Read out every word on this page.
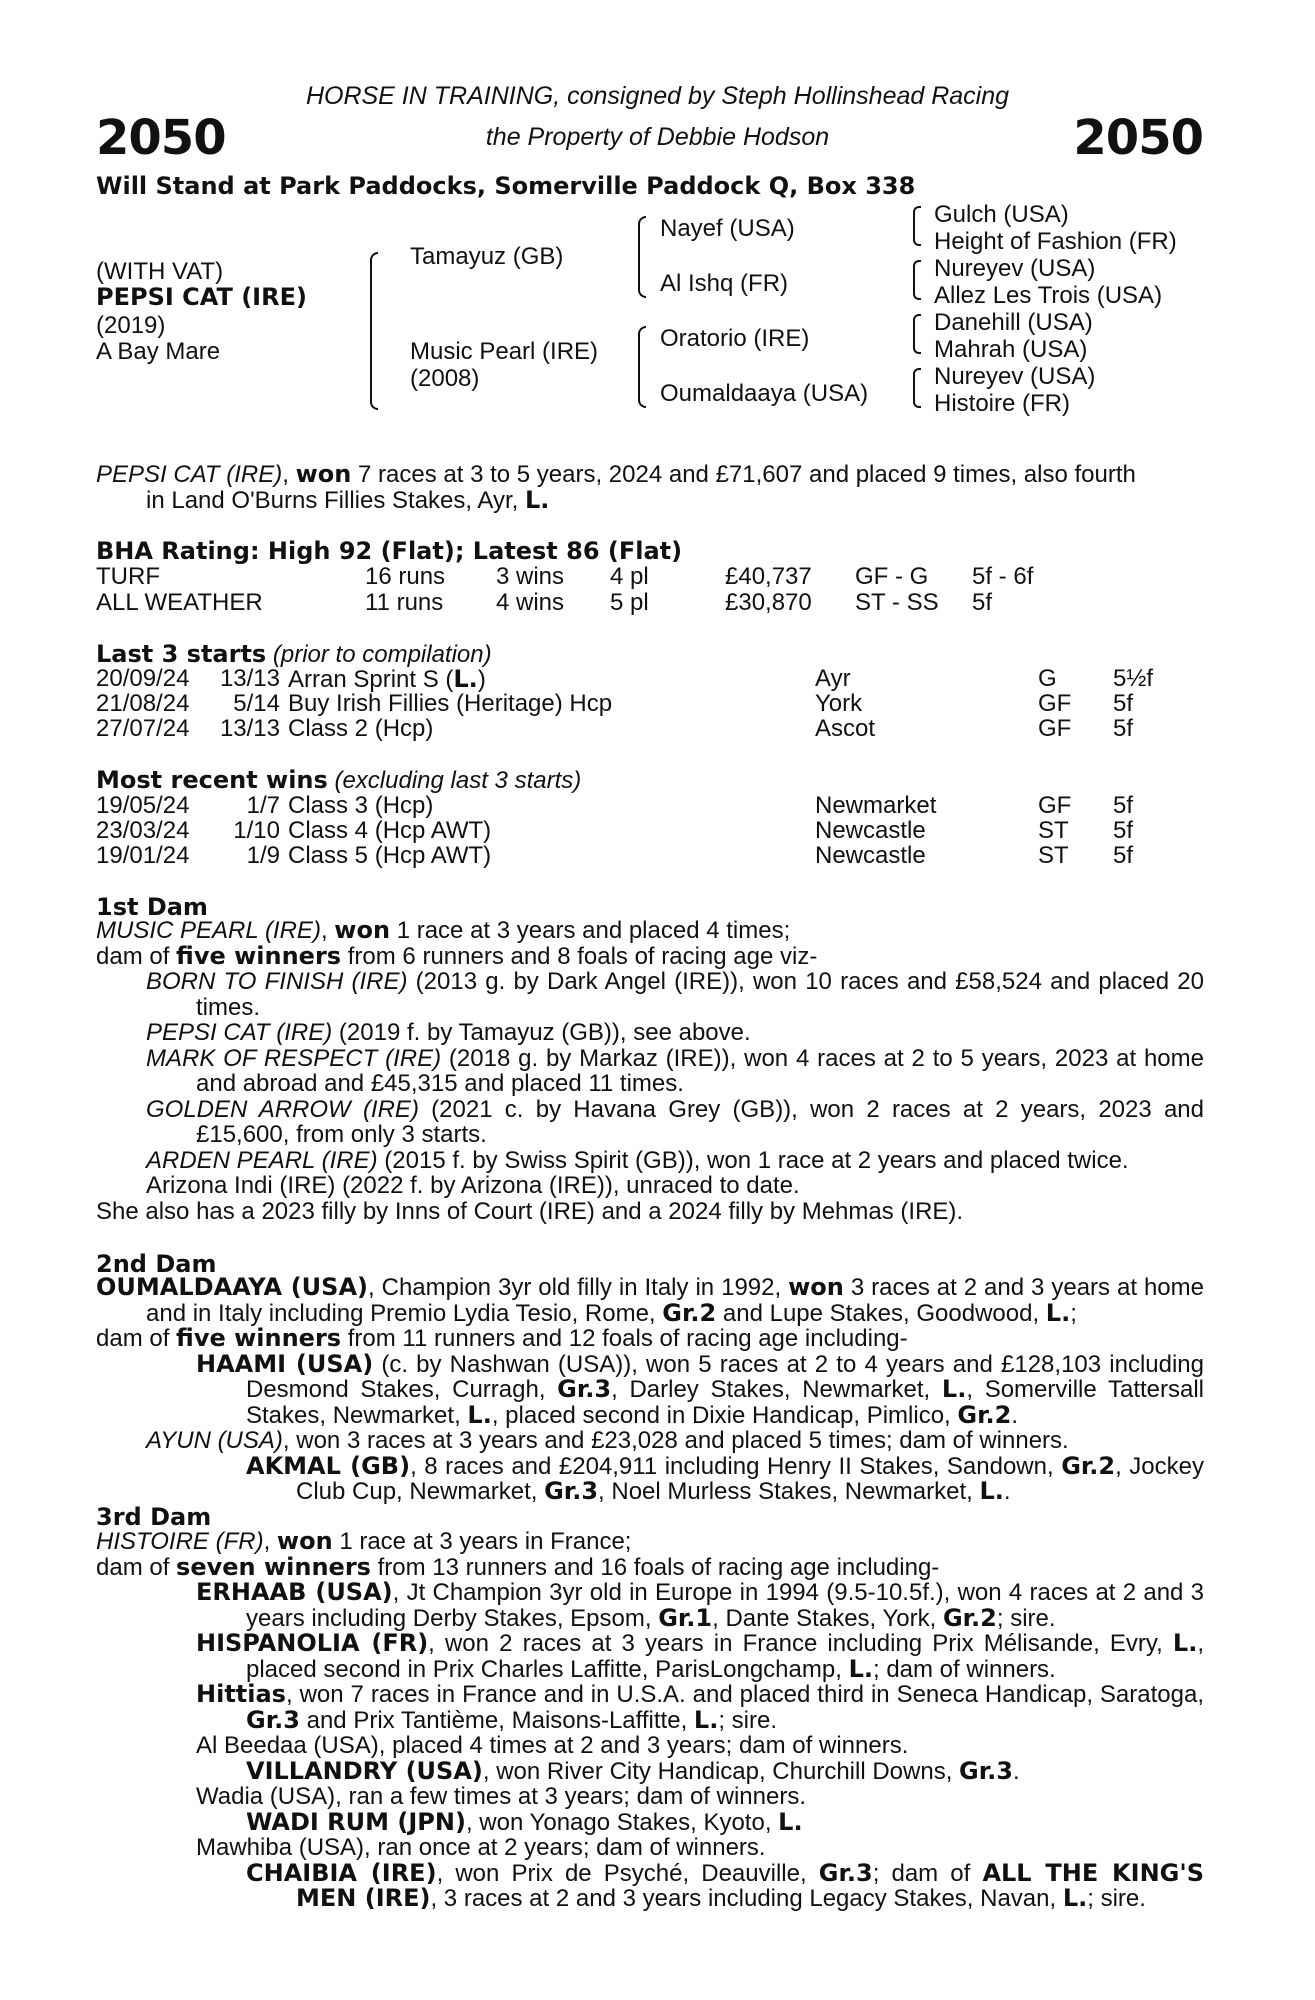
2050	2050
HORSE IN TRAINING, consigned by Steph Hollinshead Racing
the Property of Debbie Hodson
Will Stand at Park Paddocks, Somerville Paddock Q, Box 338
(WITH VAT)
PEPSI CAT (IRE)
(2019)
A Bay Mare
Tamayuz (GB)
Music Pearl (IRE)
(2008)
Nayef (USA)
Al Ishq (FR)
Oratorio (IRE)
Oumaldaaya (USA)
Gulch (USA)
Height of Fashion (FR)
Nureyev (USA)
Allez Les Trois (USA)
Danehill (USA)
Mahrah (USA)
Nureyev (USA)
Histoire (FR)

PEPSI CAT (IRE), won 7 races at 3 to 5 years, 2024 and £71,607 and placed 9 times, also fourth

in Land O'Burns Fillies Stakes, Ayr, L.

BHA Rating: High 92 (Flat); Latest 86 (Flat)
TURF	16 runs 3 wins 4 pl	£40,737 GF - G 5f - 6f
ALL WEATHER	11 runs 4 wins 5 pl	£30,870 ST - SS 5f
Last 3 starts (prior to compilation)
20/09/24	13/13 Arran Sprint S (L.)	Ayr	G 5½f
21/08/24	5/14 Buy Irish Fillies (Heritage) Hcp	York	GF 5f
27/07/24	13/13 Class 2 (Hcp)	Ascot	GF 5f
Most recent wins (excluding last 3 starts)
19/05/24	1/7 Class 3 (Hcp)	Newmarket	GF 5f
23/03/24	1/10 Class 4 (Hcp AWT)	Newcastle	ST 5f
19/01/24	1/9 Class 5 (Hcp AWT)	Newcastle	ST 5f
1st Dam

MUSIC PEARL (IRE), won 1 race at 3 years and placed 4 times;

dam of five winners from 6 runners and 8 foals of racing age viz-

BORN TO FINISH (IRE) (2013 g. by Dark Angel (IRE)), won 10 races and £58,524 and placed 20 times.

PEPSI CAT (IRE) (2019 f. by Tamayuz (GB)), see above.

MARK OF RESPECT (IRE) (2018 g. by Markaz (IRE)), won 4 races at 2 to 5 years, 2023 at home and abroad and £45,315 and placed 11 times.

GOLDEN ARROW (IRE) (2021 c. by Havana Grey (GB)), won 2 races at 2 years, 2023 and £15,600, from only 3 starts.

ARDEN PEARL (IRE) (2015 f. by Swiss Spirit (GB)), won 1 race at 2 years and placed twice.

Arizona Indi (IRE) (2022 f. by Arizona (IRE)), unraced to date.

She also has a 2023 filly by Inns of Court (IRE) and a 2024 filly by Mehmas (IRE).

2nd Dam

OUMALDAAYA (USA), Champion 3yr old filly in Italy in 1992, won 3 races at 2 and 3 years at home and in Italy including Premio Lydia Tesio, Rome, Gr.2 and Lupe Stakes, Goodwood, L.;

dam of five winners from 11 runners and 12 foals of racing age including-

HAAMI (USA) (c. by Nashwan (USA)), won 5 races at 2 to 4 years and £128,103 including Desmond Stakes, Curragh, Gr.3, Darley Stakes, Newmarket, L., Somerville Tattersall Stakes, Newmarket, L., placed second in Dixie Handicap, Pimlico, Gr.2.

AYUN (USA), won 3 races at 3 years and £23,028 and placed 5 times; dam of winners.

AKMAL (GB), 8 races and £204,911 including Henry II Stakes, Sandown, Gr.2, Jockey Club Cup, Newmarket, Gr.3, Noel Murless Stakes, Newmarket, L..

3rd Dam

HISTOIRE (FR), won 1 race at 3 years in France;

dam of seven winners from 13 runners and 16 foals of racing age including-

ERHAAB (USA), Jt Champion 3yr old in Europe in 1994 (9.5-10.5f.), won 4 races at 2 and 3 years including Derby Stakes, Epsom, Gr.1, Dante Stakes, York, Gr.2; sire.

HISPANOLIA (FR), won 2 races at 3 years in France including Prix Mélisande, Evry, L., placed second in Prix Charles Laffitte, ParisLongchamp, L.; dam of winners.

Hittias, won 7 races in France and in U.S.A. and placed third in Seneca Handicap, Saratoga, Gr.3 and Prix Tantième, Maisons-Laffitte, L.; sire.

Al Beedaa (USA), placed 4 times at 2 and 3 years; dam of winners.

VILLANDRY (USA), won River City Handicap, Churchill Downs, Gr.3.

Wadia (USA), ran a few times at 3 years; dam of winners.

WADI RUM (JPN), won Yonago Stakes, Kyoto, L.

Mawhiba (USA), ran once at 2 years; dam of winners.

CHAIBIA (IRE), won Prix de Psyché, Deauville, Gr.3; dam of ALL THE KING'S MEN (IRE), 3 races at 2 and 3 years including Legacy Stakes, Navan, L.; sire.
